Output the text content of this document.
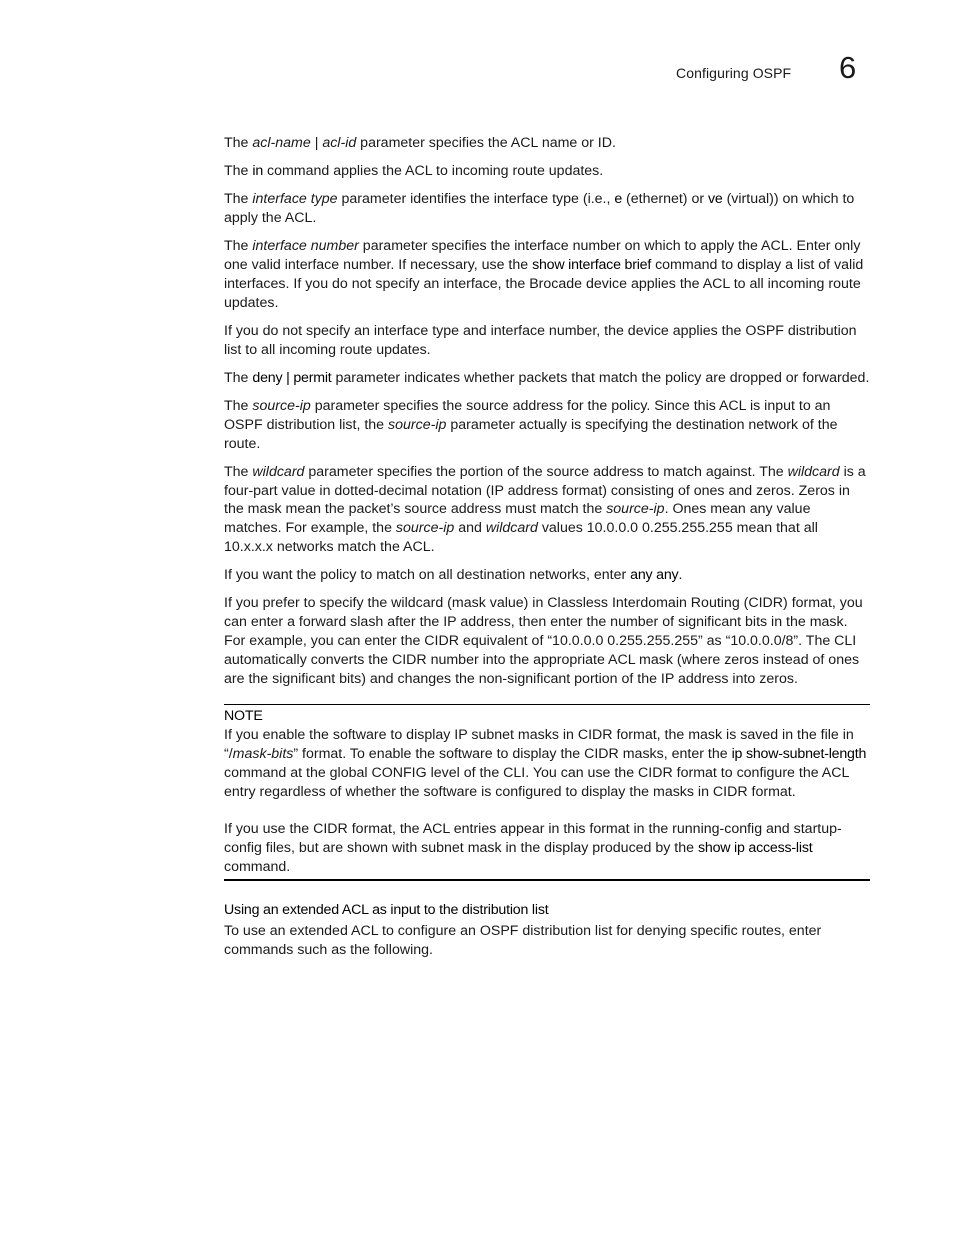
Configuring OSPF 6

The acl-name | acl-id parameter specifies the ACL name or ID.

The in command applies the ACL to incoming route updates.

The interface type parameter identifies the interface type (i.e., e (ethernet) or ve (virtual)) on which to apply the ACL.

The interface number parameter specifies the interface number on which to apply the ACL. Enter only one valid interface number. If necessary, use the show interface brief command to display a list of valid interfaces. If you do not specify an interface, the Brocade device applies the ACL to all incoming route updates.

If you do not specify an interface type and interface number, the device applies the OSPF distribution list to all incoming route updates.

The deny | permit parameter indicates whether packets that match the policy are dropped or forwarded.

The source-ip parameter specifies the source address for the policy. Since this ACL is input to an OSPF distribution list, the source-ip parameter actually is specifying the destination network of the route.

The wildcard parameter specifies the portion of the source address to match against. The wildcard is a four-part value in dotted-decimal notation (IP address format) consisting of ones and zeros. Zeros in the mask mean the packet’s source address must match the source-ip. Ones mean any value matches. For example, the source-ip and wildcard values 10.0.0.0 0.255.255.255 mean that all 10.x.x.x networks match the ACL.

If you want the policy to match on all destination networks, enter any any.

If you prefer to specify the wildcard (mask value) in Classless Interdomain Routing (CIDR) format, you can enter a forward slash after the IP address, then enter the number of significant bits in the mask. For example, you can enter the CIDR equivalent of “10.0.0.0 0.255.255.255” as “10.0.0.0/8”. The CLI automatically converts the CIDR number into the appropriate ACL mask (where zeros instead of ones are the significant bits) and changes the non-significant portion of the IP address into zeros.

NOTE

If you enable the software to display IP subnet masks in CIDR format, the mask is saved in the file in “/mask-bits” format. To enable the software to display the CIDR masks, enter the ip show-subnet-length command at the global CONFIG level of the CLI. You can use the CIDR format to configure the ACL entry regardless of whether the software is configured to display the masks in CIDR format.

If you use the CIDR format, the ACL entries appear in this format in the running-config and startup-config files, but are shown with subnet mask in the display produced by the show ip access-list command.

Using an extended ACL as input to the distribution list

To use an extended ACL to configure an OSPF distribution list for denying specific routes, enter commands such as the following.
